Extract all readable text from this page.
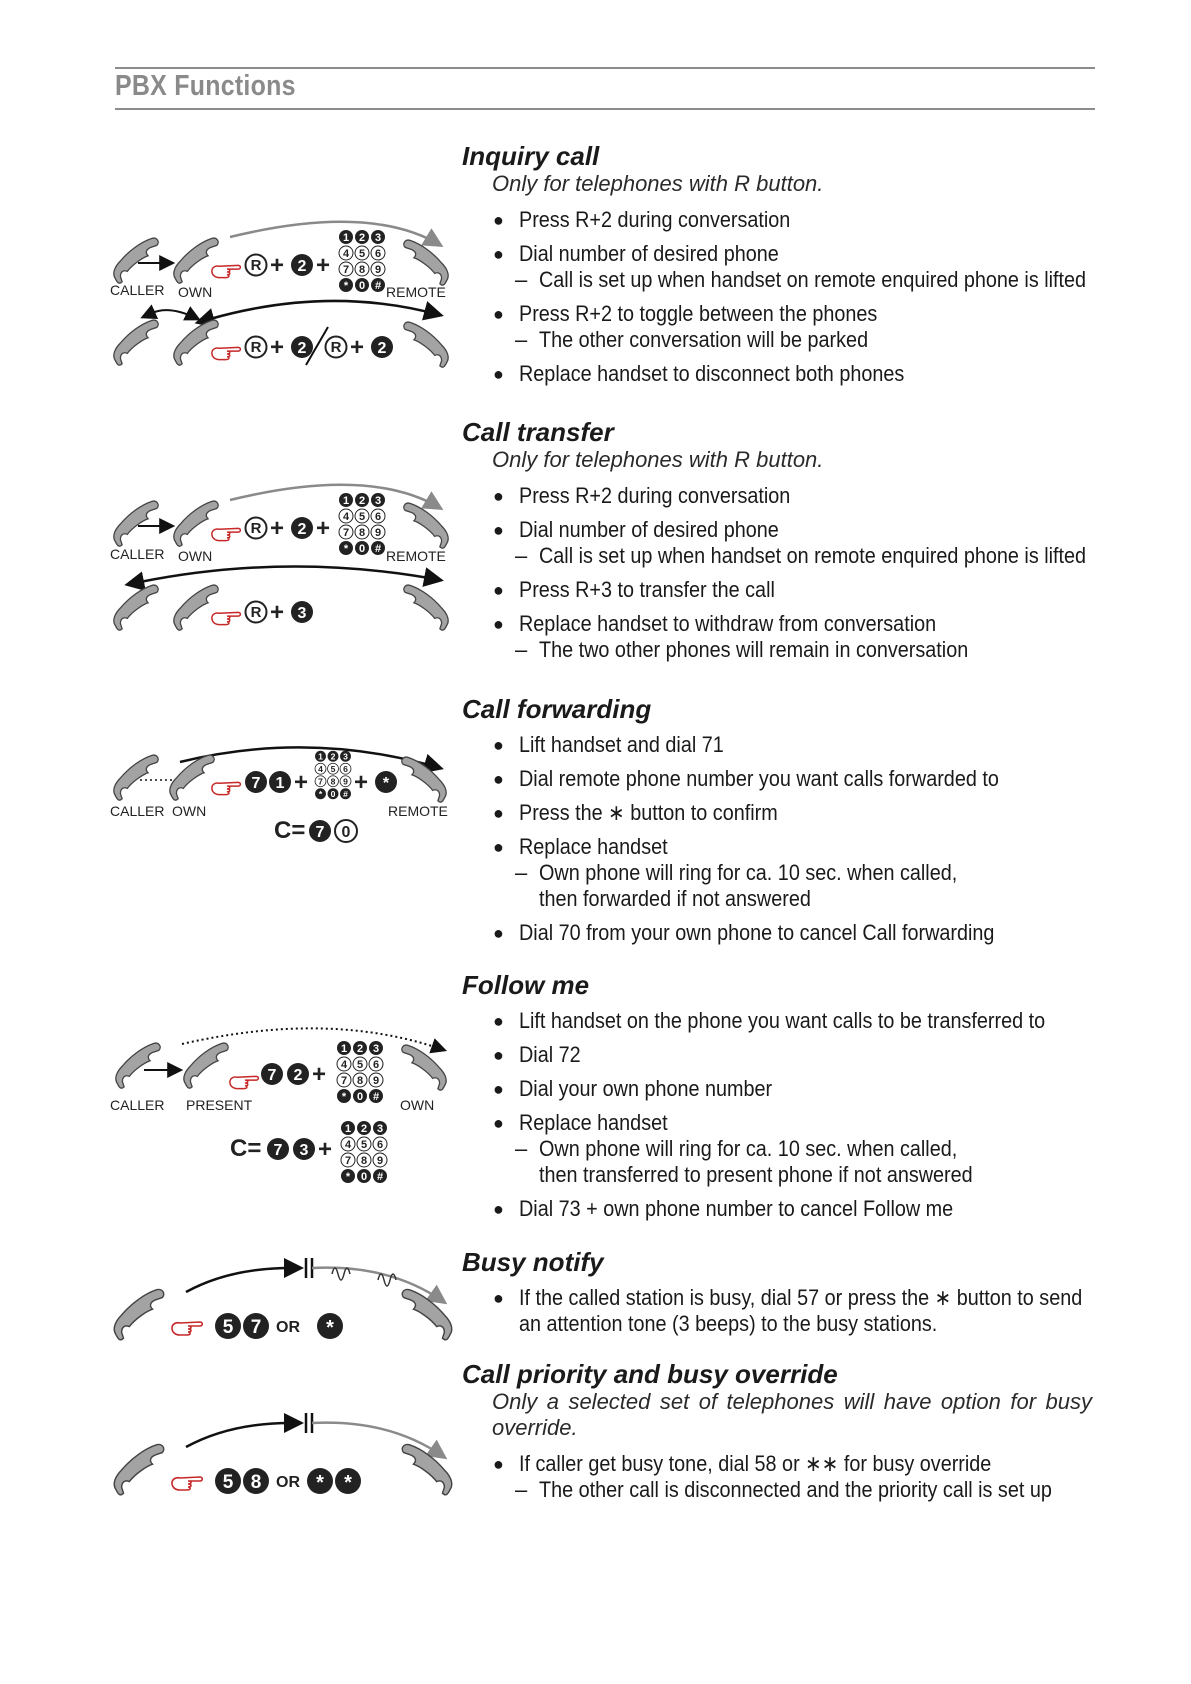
PBX Functions
+ 2 +
CALLER OWN	REMOTE
+ 2 + 2
+ 2 +
CALLER OWN	REMOTE
+ 3
7 1 + + *
CALLER OWN	REMOTE
C= 7 0
7 2 +
CALLER PRESENT	OWN
C= 7 3 +
5 7 OR *
5 8 OR * *
Inquiry call

Only for telephones with R button.

● Press R+2 during conversation
● Dial number of desired phone
– Call is set up when handset on remote enquired phone is lifted
● Press R+2 to toggle between the phones
– The other conversation will be parked
● Replace handset to disconnect both phones
Call transfer

Only for telephones with R button.

● Press R+2 during conversation
● Dial number of desired phone
– Call is set up when handset on remote enquired phone is lifted
● Press R+3 to transfer the call
● Replace handset to withdraw from conversation
– The two other phones will remain in conversation
Call forwarding
● Lift handset and dial 71
● Dial remote phone number you want calls forwarded to
● Press the ∗ button to confirm
● Replace handset
– Own phone will ring for ca. 10 sec. when called,
then forwarded if not answered
● Dial 70 from your own phone to cancel Call forwarding
Follow me
● Lift handset on the phone you want calls to be transferred to
● Dial 72
● Dial your own phone number
● Replace handset
– Own phone will ring for ca. 10 sec. when called,
then transferred to present phone if not answered
● Dial 73 + own phone number to cancel Follow me
Busy notify
● If the called station is busy, dial 57 or press the ∗ button to send
an attention tone (3 beeps) to the busy stations.
Call priority and busy override

Only a selected set of telephones will have option for busy override.

● If caller get busy tone, dial 58 or ∗∗ for busy override
– The other call is disconnected and the priority call is set up
